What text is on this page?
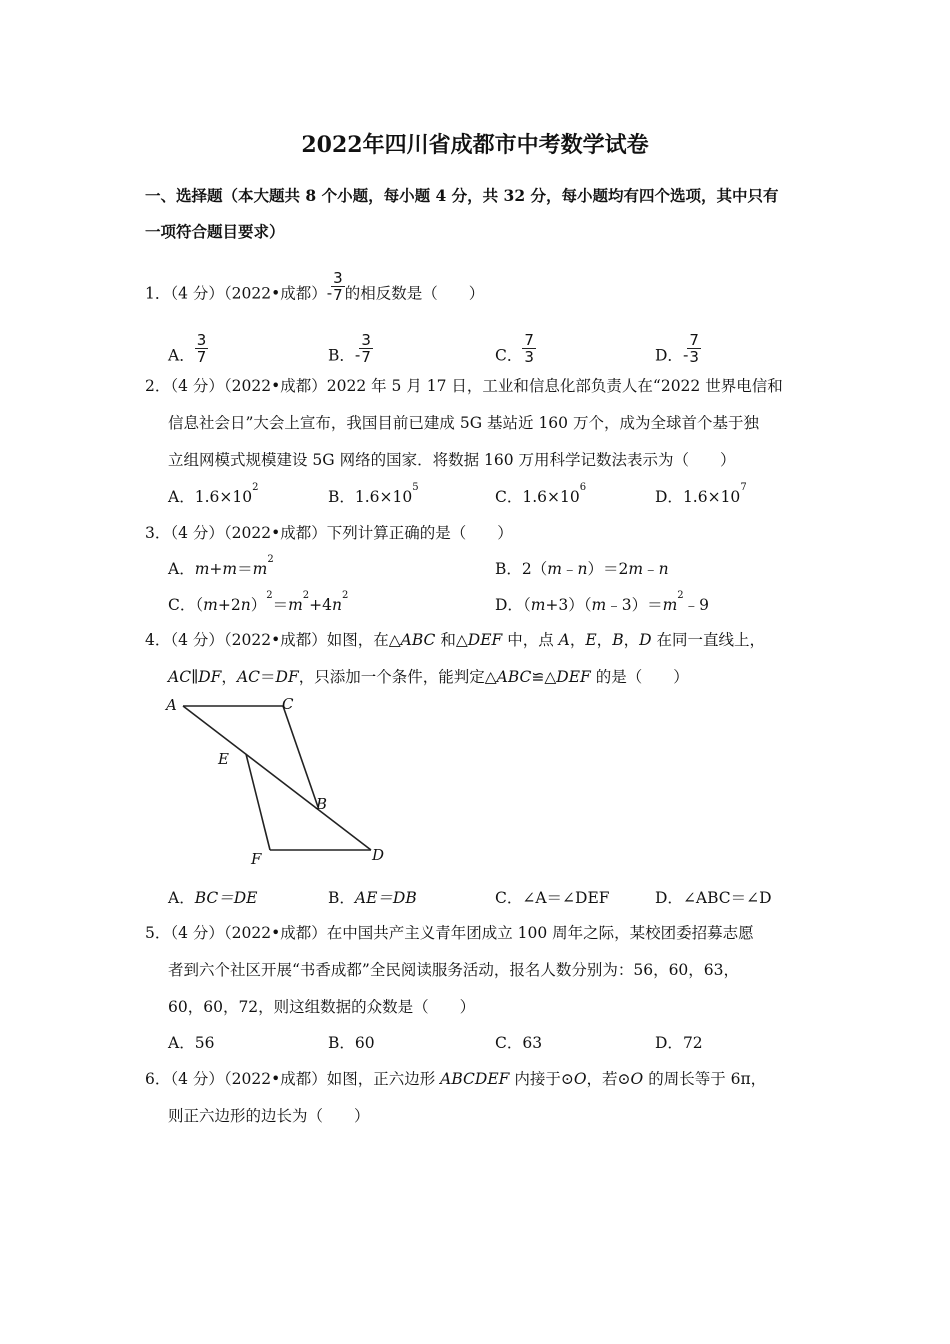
2022年四川省成都市中考数学试卷
一、选择题（本大题共 8 个小题，每小题 4 分，共 32 分，每小题均有四个选项，其中只有
一项符合题目要求）
1．（4 分）（2022•成都）- $\frac{3}{7}$ 的相反数是（　　）
A． $\frac{3}{7}$	B．- $\frac{3}{7}$	C． $\frac{7}{3}$	D．- $\frac{7}{3}$
2．（4 分）（2022•成都）2022 年 5 月 17 日，工业和信息化部负责人在“2022 世界电信和
信息社会日”大会上宣布，我国目前已建成 5G 基站近 160 万个，成为全球首个基于独
立组网模式规模建设 5G 网络的国家．将数据 160 万用科学记数法表示为（　　）
A．$1.6\times 10^2$
B．$1.6\times 10^5$
C．$1.6\times 10^6$
D．$1.6\times 10^7$
3．（4 分）（2022•成都）下列计算正确的是（　　）
A．$m+m=m^2$
B．2（m﹣n）＝2m﹣n
C．$(m+2n)^2=m^2+4n^2$
D．$(m+3)(m﹣3)=m^2﹣9$
4．（4 分）（2022•成都）如图，在△ABC 和△DEF 中，点 A，E，B，D 在同一直线上，
AC∥DF，AC＝DF，只添加一个条件，能判定△ABC≌△DEF 的是（　　）
A	C
E
B
F	D
A．BC＝DE	B．AE＝DB	C．∠A＝∠DEF	D．∠ABC＝∠D
5．（4 分）（2022•成都）在中国共产主义青年团成立 100 周年之际，某校团委招募志愿
者到六个社区开展“书香成都”全民阅读服务活动，报名人数分别为：56，60，63，
60，60，72，则这组数据的众数是（　　）
A．56	B．60	C．63	D．72
6．（4 分）（2022•成都）如图，正六边形 ABCDEF 内接于⊙O，若⊙O 的周长等于 6π，
则正六边形的边长为（　　）
